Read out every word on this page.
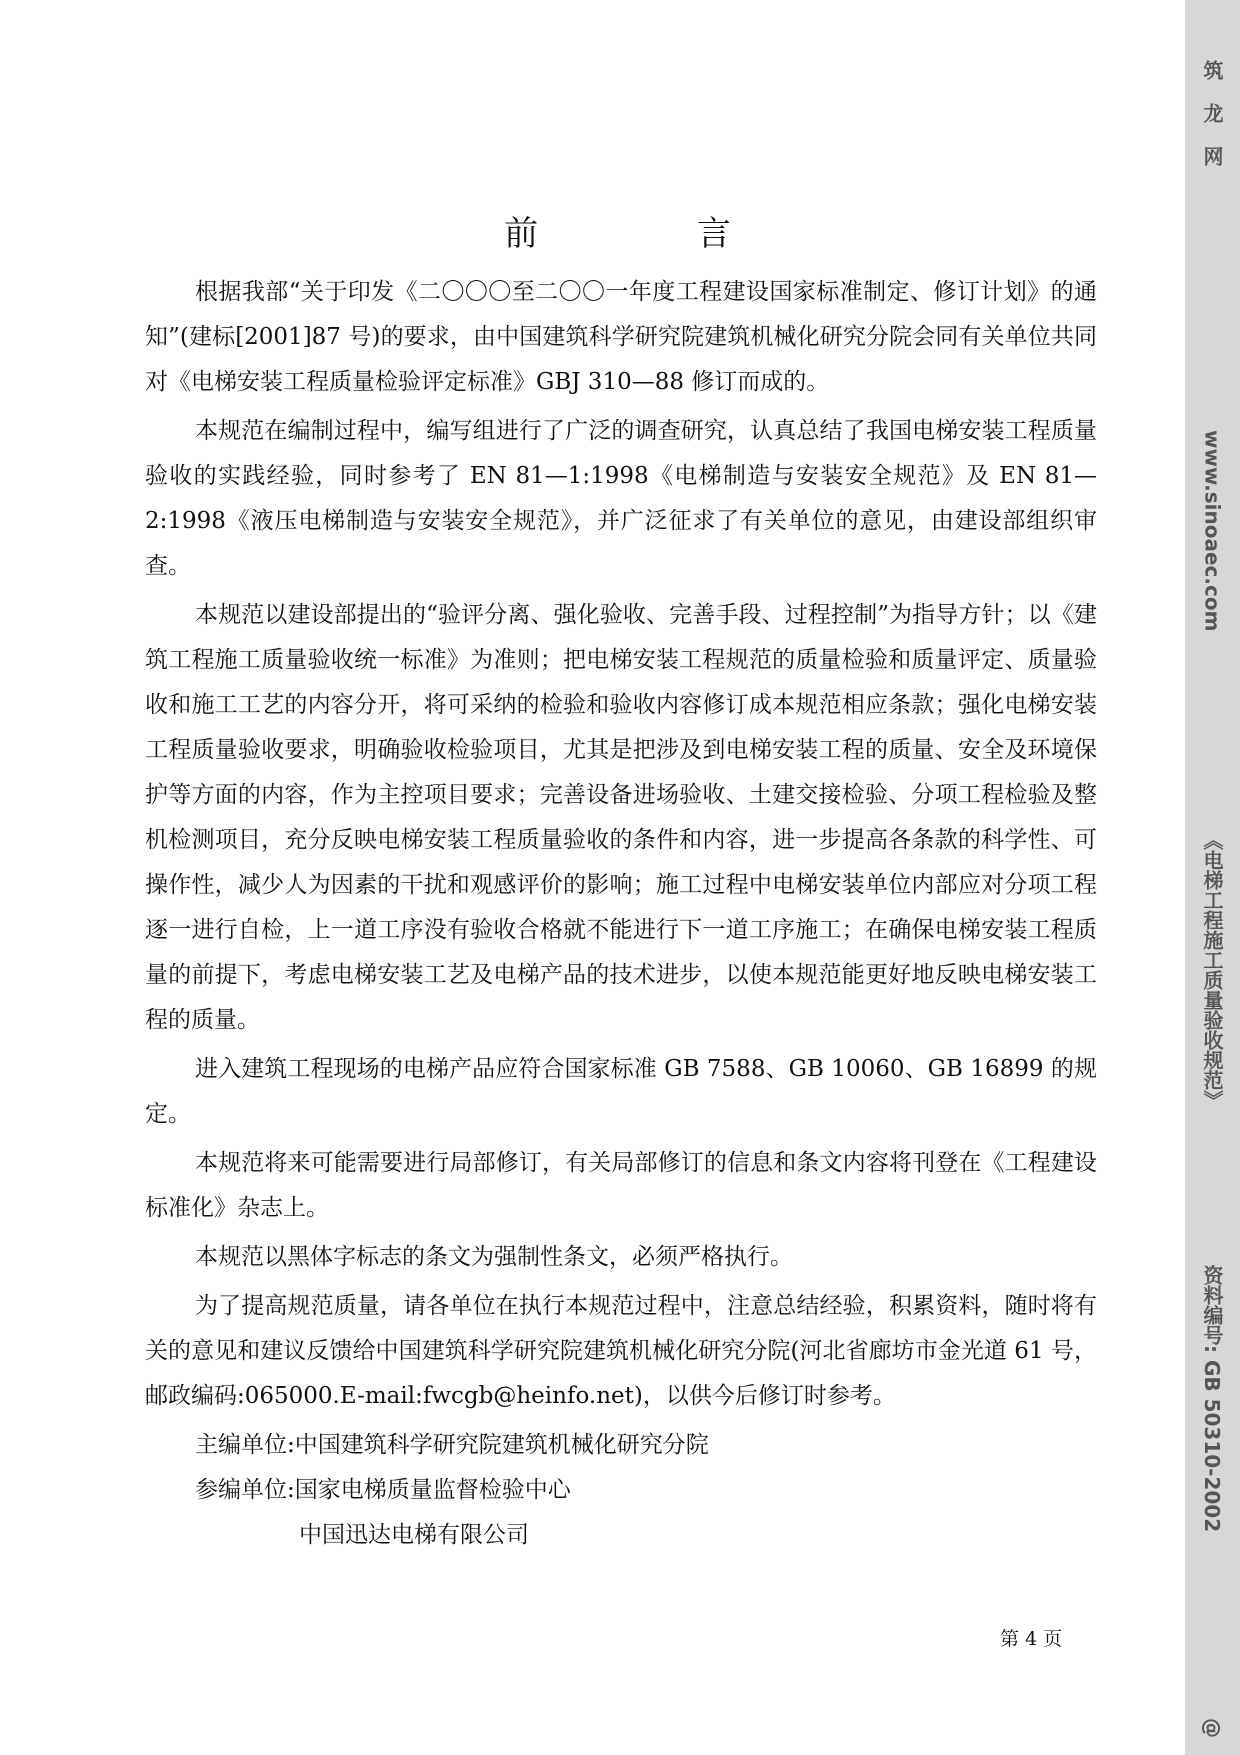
前 言

根据我部“关于印发《二〇〇〇至二〇〇一年度工程建设国家标准制定、修订计划》的通知”(建标[2001]87 号)的要求，由中国建筑科学研究院建筑机械化研究分院会同有关单位共同对《电梯安装工程质量检验评定标准》GBJ 310—88 修订而成的。

本规范在编制过程中，编写组进行了广泛的调查研究，认真总结了我国电梯安装工程质量验收的实践经验，同时参考了 EN 81—1:1998《电梯制造与安装安全规范》及 EN 81—2:1998《液压电梯制造与安装安全规范》，并广泛征求了有关单位的意见，由建设部组织审查。

本规范以建设部提出的“验评分离、强化验收、完善手段、过程控制”为指导方针；以《建筑工程施工质量验收统一标准》为准则；把电梯安装工程规范的质量检验和质量评定、质量验收和施工工艺的内容分开，将可采纳的检验和验收内容修订成本规范相应条款；强化电梯安装工程质量验收要求，明确验收检验项目，尤其是把涉及到电梯安装工程的质量、安全及环境保护等方面的内容，作为主控项目要求；完善设备进场验收、土建交接检验、分项工程检验及整机检测项目，充分反映电梯安装工程质量验收的条件和内容，进一步提高各条款的科学性、可操作性，减少人为因素的干扰和观感评价的影响；施工过程中电梯安装单位内部应对分项工程逐一进行自检，上一道工序没有验收合格就不能进行下一道工序施工；在确保电梯安装工程质量的前提下，考虑电梯安装工艺及电梯产品的技术进步，以使本规范能更好地反映电梯安装工程的质量。

进入建筑工程现场的电梯产品应符合国家标准 GB 7588、GB 10060、GB 16899 的规定。

本规范将来可能需要进行局部修订，有关局部修订的信息和条文内容将刊登在《工程建设标准化》杂志上。

本规范以黑体字标志的条文为强制性条文，必须严格执行。

为了提高规范质量，请各单位在执行本规范过程中，注意总结经验，积累资料，随时将有关的意见和建议反馈给中国建筑科学研究院建筑机械化研究分院(河北省廊坊市金光道 61 号，邮政编码:065000.E-mail:fwcgb@heinfo.net)，以供今后修订时参考。

主编单位:中国建筑科学研究院建筑机械化研究分院

参编单位:国家电梯质量监督检验中心

中国迅达电梯有限公司

第 4 页
筑 龙 网
www.sinoaec.com
《电梯工程施工质量验收规范》
资料编号: GB 50310-2002
@
